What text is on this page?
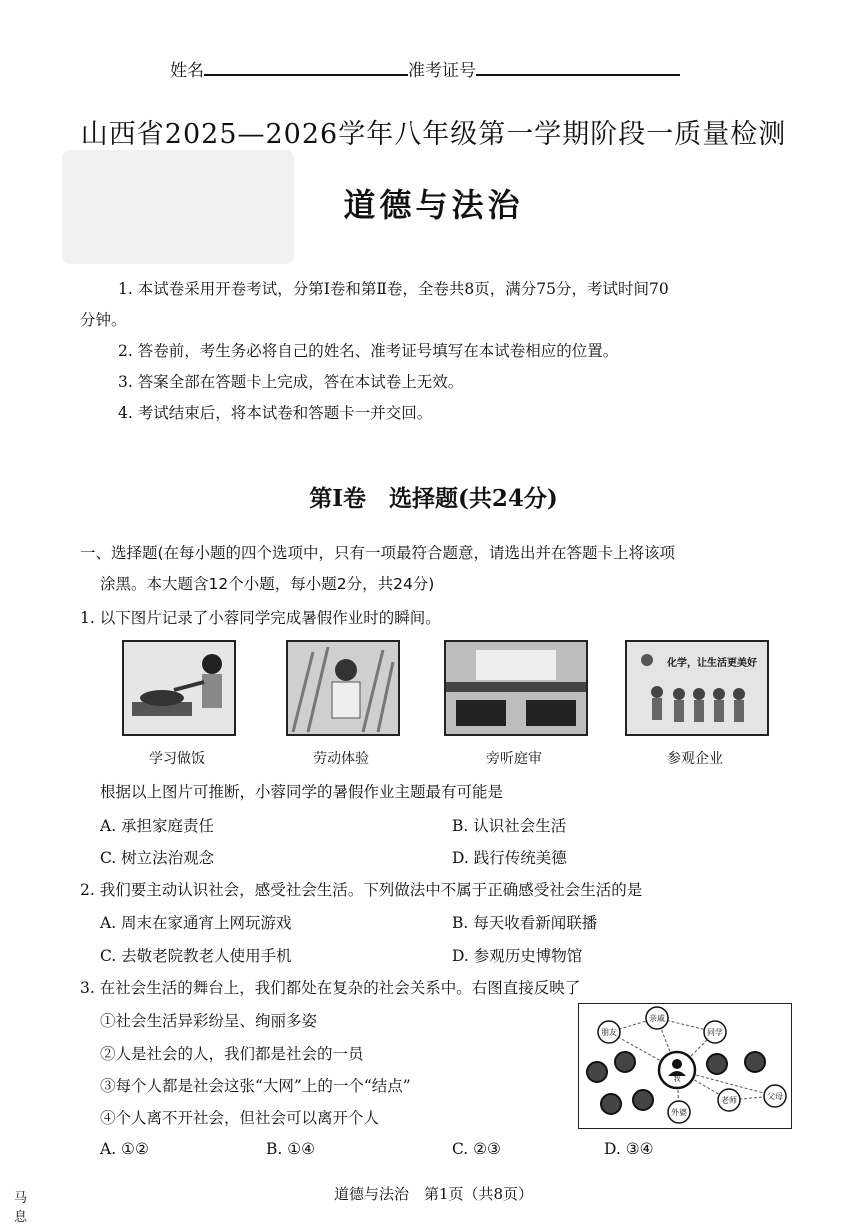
姓名	准考证号
山西省2025—2026学年八年级第一学期阶段一质量检测
道德与法治

1. 本试卷采用开卷考试，分第Ⅰ卷和第Ⅱ卷，全卷共8页，满分75分，考试时间70

分钟。

2. 答卷前，考生务必将自己的姓名、准考证号填写在本试卷相应的位置。

3. 答案全部在答题卡上完成，答在本试卷上无效。

4. 考试结束后，将本试卷和答题卡一并交回。

第Ⅰ卷　选择题(共24分)

一、选择题(在每小题的四个选项中，只有一项最符合题意，请选出并在答题卡上将该项

涂黑。本大题含12个小题，每小题2分，共24分)

1. 以下图片记录了小蓉同学完成暑假作业时的瞬间。
化学，让生活更美好
学习做饭	劳动体验	旁听庭审	参观企业
根据以上图片可推断，小蓉同学的暑假作业主题最有可能是
A. 承担家庭责任	B. 认识社会生活
C. 树立法治观念	D. 践行传统美德
2. 我们要主动认识社会，感受社会生活。下列做法中不属于正确感受社会生活的是
A. 周末在家通宵上网玩游戏	B. 每天收看新闻联播
C. 去敬老院教老人使用手机	D. 参观历史博物馆
3. 在社会生活的舞台上，我们都处在复杂的社会关系中。右图直接反映了
①社会生活异彩纷呈、绚丽多姿
②人是社会的人，我们都是社会的一员
③每个人都是社会这张“大网”上的一个“结点”
④个人离不开社会，但社会可以离开个人
A. ①②	B. ①④	C. ②③	D. ③④
我
朋友
亲戚
同学
老师	父母
外婆
道德与法治　第1页（共8页）
马
息
